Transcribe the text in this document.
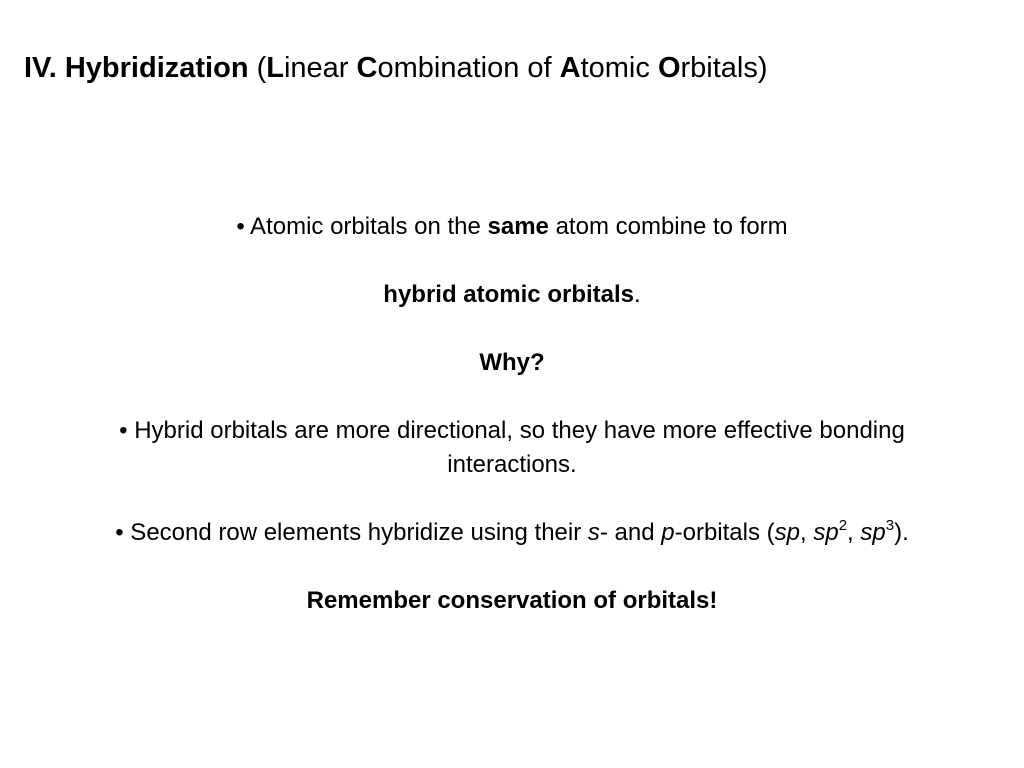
IV. Hybridization (Linear Combination of Atomic Orbitals)

• Atomic orbitals on the same atom combine to form

hybrid atomic orbitals.

Why?

• Hybrid orbitals are more directional, so they have more effective bonding

interactions.

• Second row elements hybridize using their s- and p-orbitals (sp, $sp^2$, $sp^3$).

Remember conservation of orbitals!
